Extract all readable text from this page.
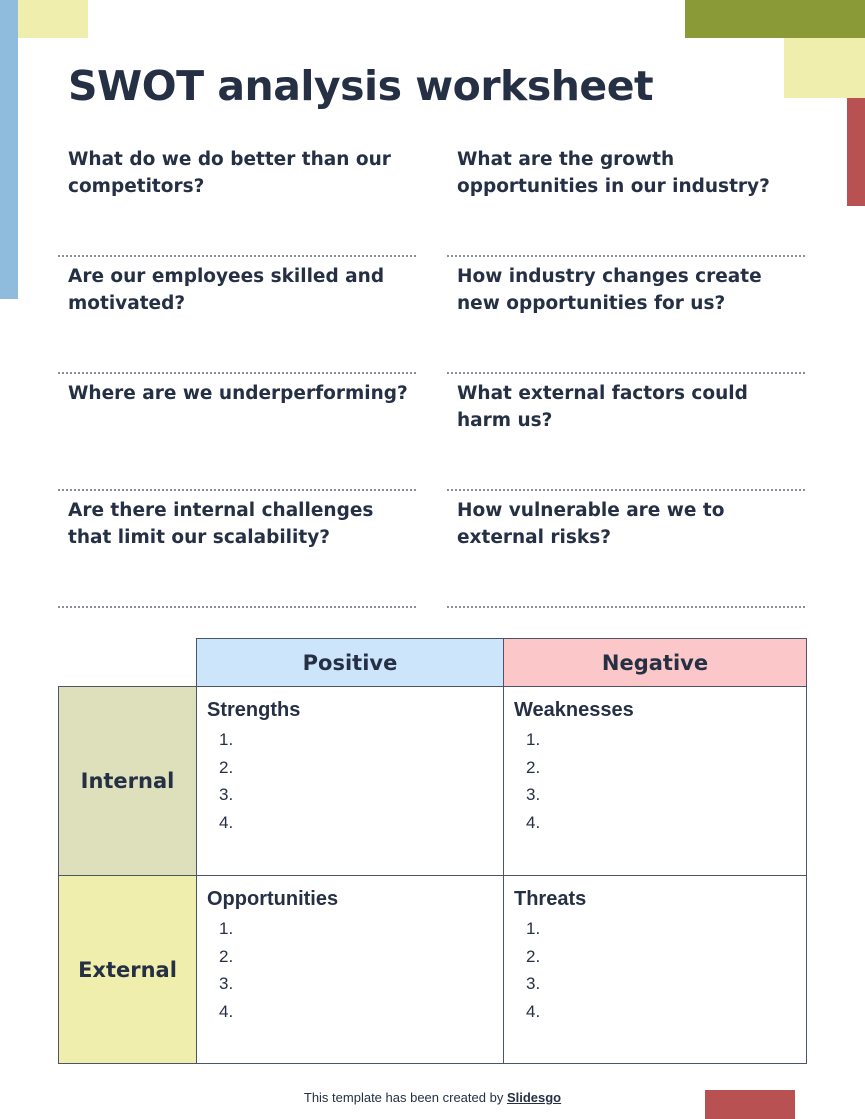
SWOT analysis worksheet
What do we do better than our competitors?
Are our employees skilled and motivated?
Where are we underperforming?
Are there internal challenges that limit our scalability?
What are the growth opportunities in our industry?
How industry changes create new opportunities for us?
What external factors could harm us?
How vulnerable are we to external risks?
Positive	Negative
Internal
Strengths
1.
2.
3.
4.
Weaknesses
1.
2.
3.
4.
External
Opportunities
1.
2.
3.
4.
Threats
1.
2.
3.
4.
This template has been created by Slidesgo
